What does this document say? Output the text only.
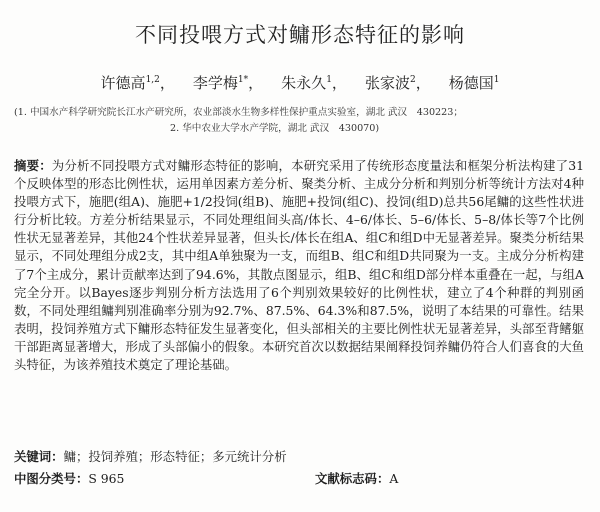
不同投喂方式对鳙形态特征的影响
许德高$^{1,2}$， 李学梅$^{1*}$， 朱永久$^1$， 张家波$^2$， 杨德国$^1$
(1. 中国水产科学研究院长江水产研究所，农业部淡水生物多样性保护重点实验室，湖北 武汉　430223；
2. 华中农业大学水产学院，湖北 武汉　430070)
摘要：为分析不同投喂方式对鳙形态特征的影响，本研究采用了传统形态度量法和框架分析法构建了31个反映体型的形态比例性状，运用单因素方差分析、聚类分析、主成分分析和判别分析等统计方法对4种投喂方式下，施肥(组A)、施肥+1/2投饲(组B)、施肥+投饲(组C)、投饲(组D)总共56尾鳙的这些性状进行分析比较。方差分析结果显示，不同处理组间头高/体长、4–6/体长、5–6/体长、5–8/体长等7个比例性状无显著差异，其他24个性状差异显著，但头长/体长在组A、组C和组D中无显著差异。聚类分析结果显示，不同处理组分成2支，其中组A单独聚为一支，而组B、组C和组D共同聚为一支。主成分分析构建了7个主成分，累计贡献率达到了94.6%，其散点图显示，组B、组C和组D部分样本重叠在一起，与组A完全分开。以Bayes逐步判别分析方法选用了6个判别效果较好的比例性状，建立了4个种群的判别函数，不同处理组鳙判别准确率分别为92.7%、87.5%、64.3%和87.5%，说明了本结果的可靠性。结果表明，投饲养殖方式下鳙形态特征发生显著变化，但头部相关的主要比例性状无显著差异，头部至背鳍躯干部距离显著增大，形成了头部偏小的假象。本研究首次以数据结果阐释投饲养鳙仍符合人们喜食的大鱼头特征，为该养殖技术奠定了理论基础。
关键词：鳙；投饲养殖；形态特征；多元统计分析
中图分类号：S 965	文献标志码：A
